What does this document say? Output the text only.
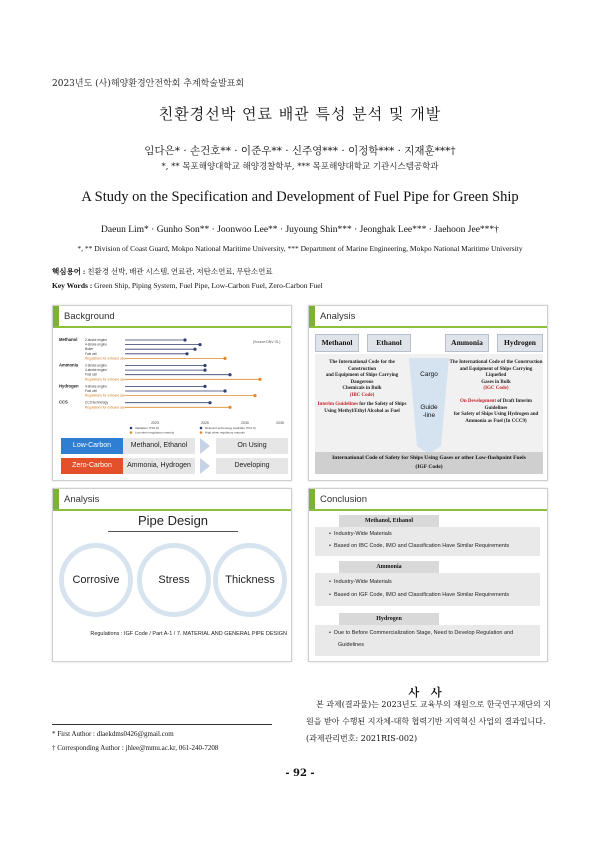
2023년도 (사)해양환경안전학회 추계학술발표회
친환경선박 연료 배관 특성 분석 및 개발
임다은* · 손건호** · 이준우** · 신주영*** · 이정학*** · 지재훈***†
*, ** 목포해양대학교 해양경찰학부, *** 목포해양대학교 기관시스템공학과
A Study on the Specification and Development of Fuel Pipe for Green Ship
Daeun Lim* · Gunho Son** · Joonwoo Lee** · Juyoung Shin*** · Jeonghak Lee*** · Jaehoon Jee***†
*, ** Division of Coast Guard, Mokpo National Maritime University, *** Department of Marine Engineering, Mokpo National Maritime University
핵심용어 : 친환경 선박, 배관 시스템, 연료관, 저탄소연료, 무탄소연료
Key Words : Green Ship, Piping System, Fuel Pipe, Low-Carbon Fuel, Zero-Carbon Fuel
Background
(Source:DNV GL)
Methanol 2-stroke engine
4-stroke engine
Boiler
Fuel cell
Regulations for onboard use
Ammonia 2-stroke engine
4-stroke engine
Fuel cell
Regulations for onboard use
Hydrogen 4-stroke engine
Fuel cell
Regulations for onboard use
CCS	CCS technology
Regulations for onboard use
2023	2025	2030	2035
Validation (TRL 8)	Relevant technology available (TRL 9)
Low when regulatory maturity	High when regulatory maturity
Low-Carbon	Methanol, Ethanol	On Using
Zero-Carbon	Ammonia, Hydrogen	Developing
Analysis
Methanol	Ethanol	Ammonia	Hydrogen
The International Code for the Construction
and Equipment of Ships Carrying Dangerous
Chemicals in Bulk
(IBC Code)
The International Code of the Construction
and Equipment of Ships Carrying Liquefied
Gases in Bulk
(IGC Code)
Cargo
Guide
-line
Interim Guidelines for the Safety of Ships
Using Methyl/Ethyl Alcohol as Fuel
On Development of Draft Interim Guidelines
for Safety of Ships Using Hydrogen and
Ammonia as Fuel (In CCC9)
International Code of Safety for Ships Using Gases or other Low-flashpoint Fuels
(IGF Code)
Analysis
Pipe Design
Corrosive	Stress	Thickness
Regulations : IGF Code / Part A-1 / 7. MATERIAL AND GENERAL PIPE DESIGN
Conclusion
Methanol, Ethanol
•  Industry-Wide Materials
•  Based on IBC Code, IMO and Classification Have Similar Requirements
Ammonia
•  Industry-Wide Materials
•  Based on IGF Code, IMO and Classification Have Similar Requirements
Hydrogen
•  Due to Before Commercialization Stage, Need to Develop Regulation and
Guidelines
* First Author : dlaekdms0426@gmail.com
† Corresponding Author : jhlee@mmu.ac.kr, 061-240-7208
사 사
본 과제(결과물)는 2023년도 교육부의 재원으로 한국연구재단의 지원을 받아 수행된 지자체-대학 협력기반 지역혁신 사업의 결과입니다. (과제관리번호: 2021RIS-002)
- 92 -
